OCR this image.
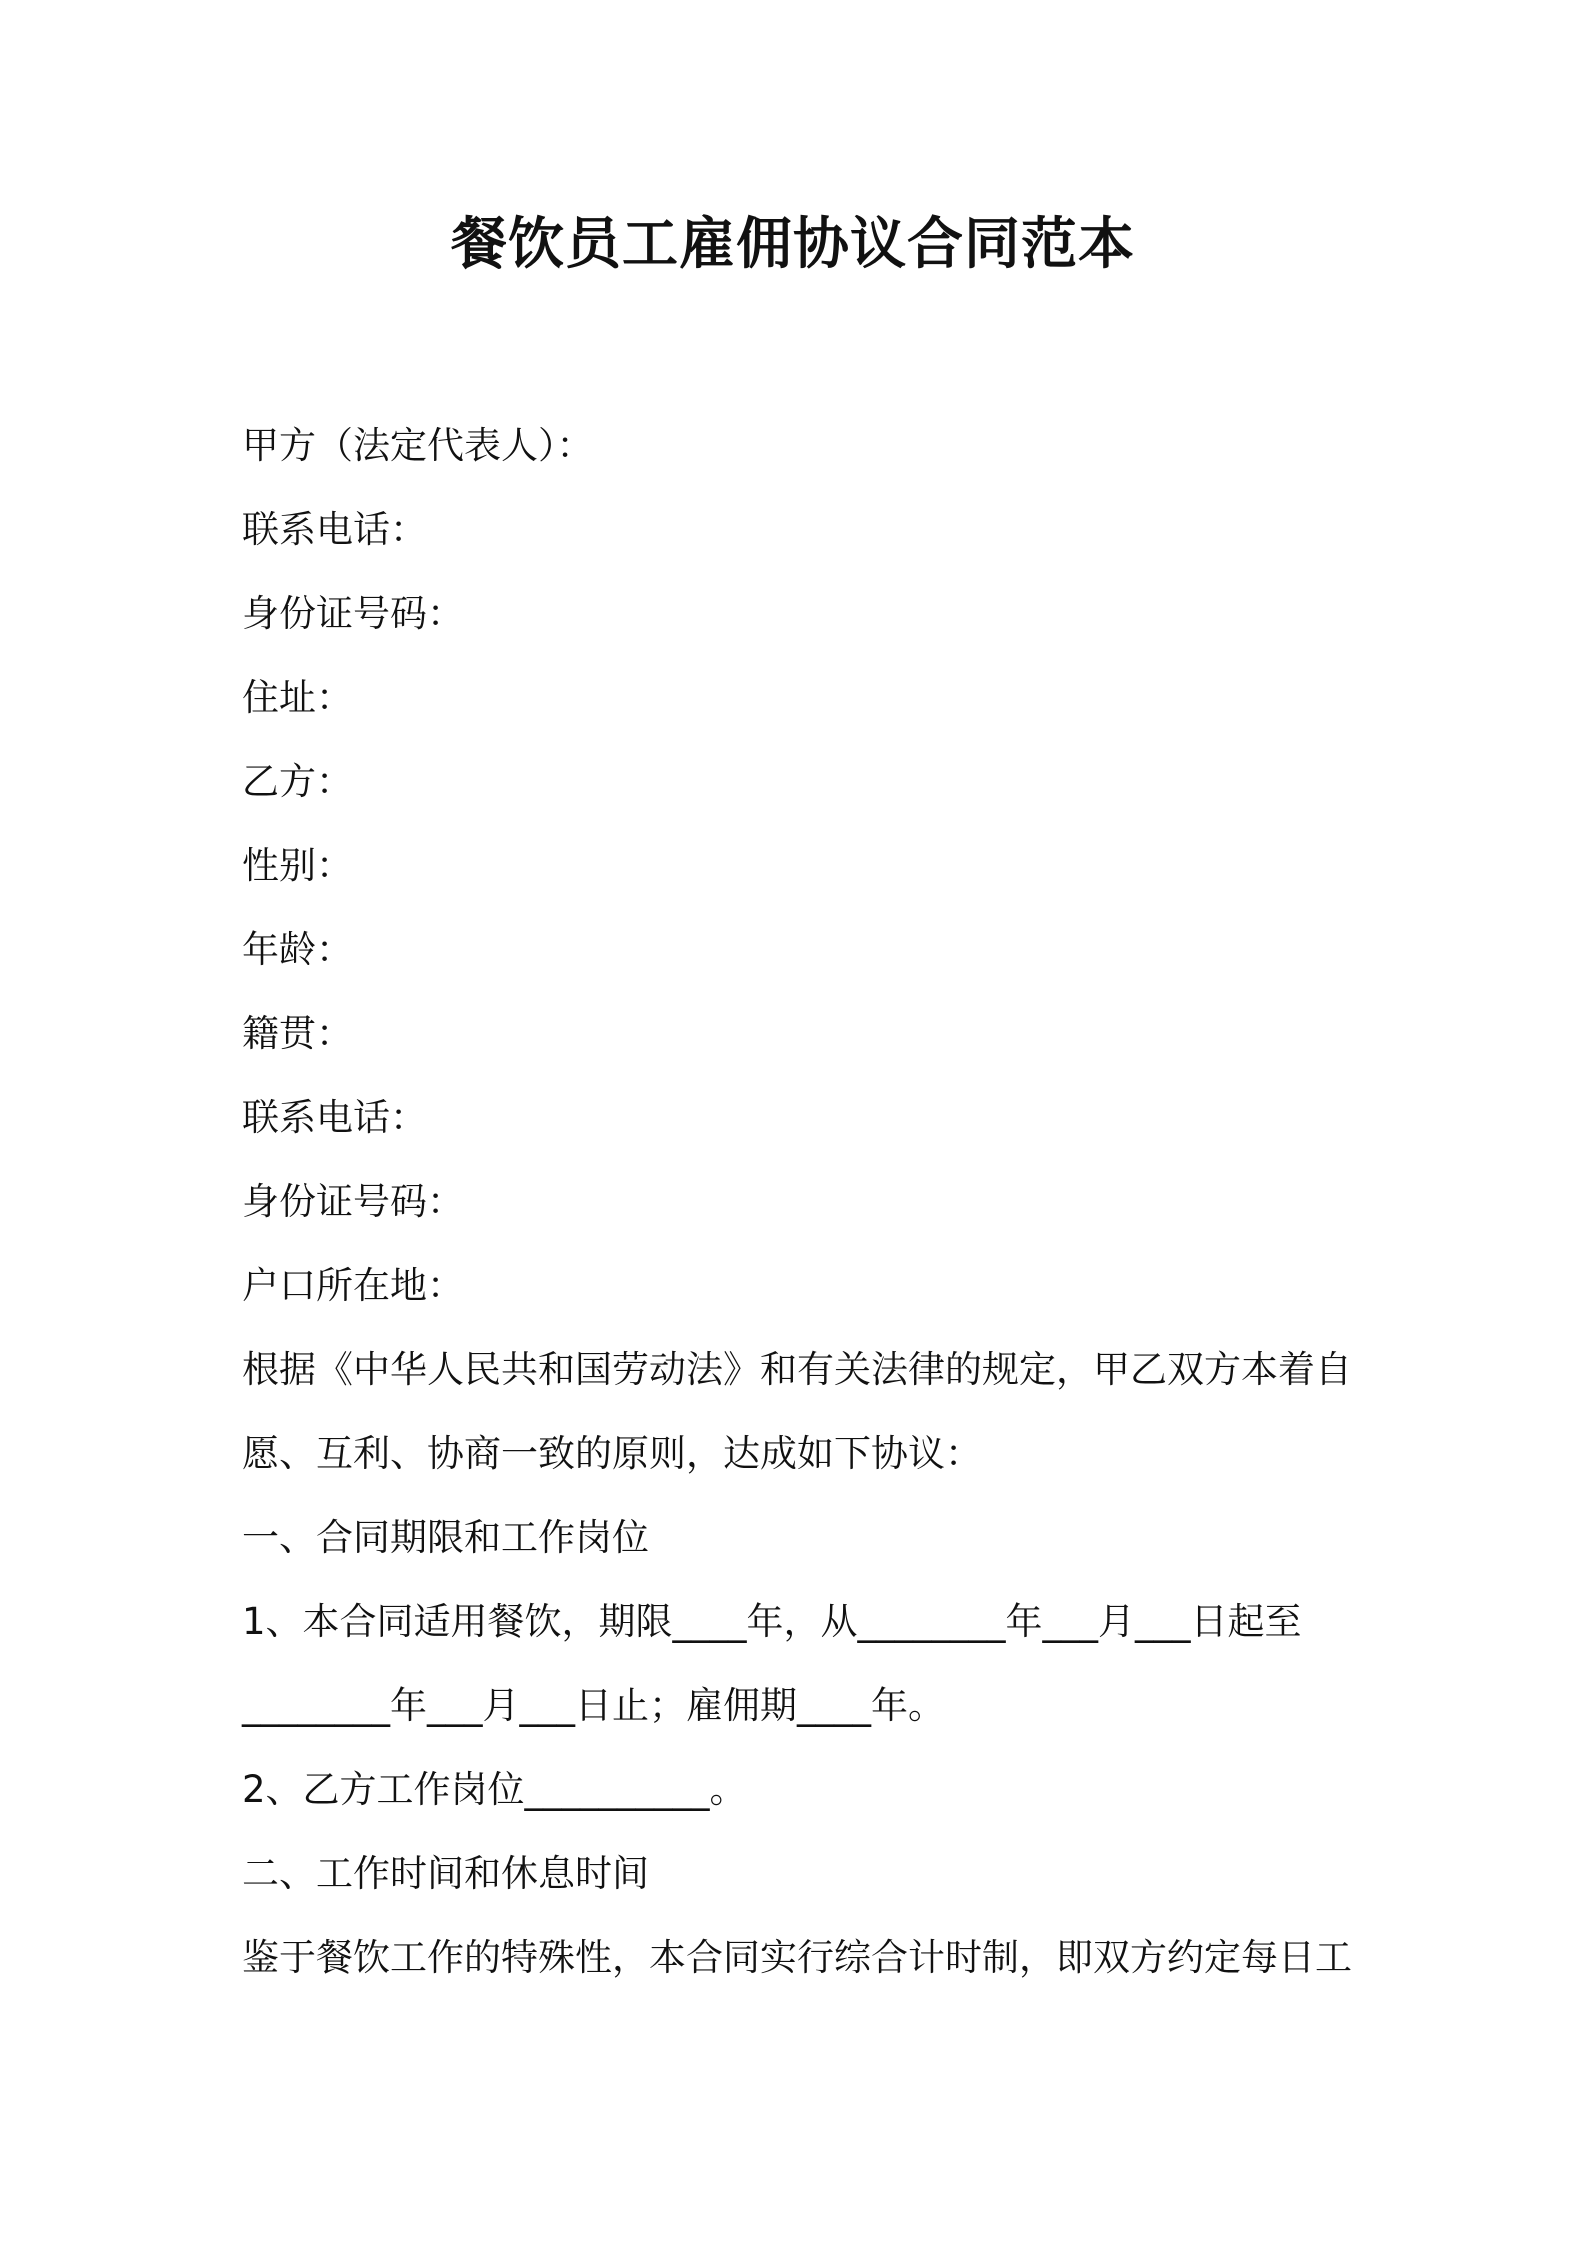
餐饮员工雇佣协议合同范本

甲方（法定代表人）：

联系电话：

身份证号码：

住址：

乙方：

性别：

年龄：

籍贯：

联系电话：

身份证号码：

户口所在地：

根据《中华人民共和国劳动法》和有关法律的规定，甲乙双方本着自

愿、互利、协商一致的原则，达成如下协议：

一、合同期限和工作岗位

1、本合同适用餐饮，期限____年，从________年___月___日起至

________年___月___日止；雇佣期____年。

2、乙方工作岗位__________。

二、工作时间和休息时间

鉴于餐饮工作的特殊性，本合同实行综合计时制，即双方约定每日工
